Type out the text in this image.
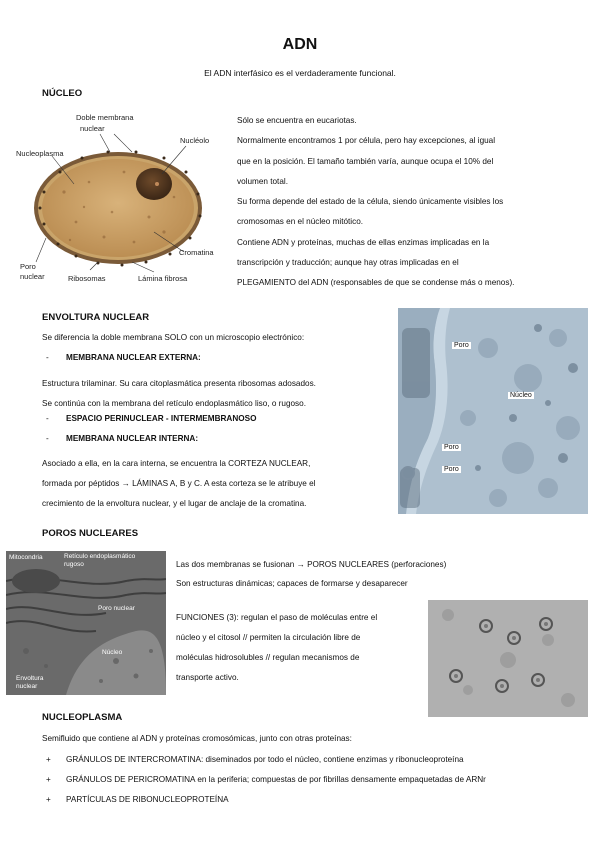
ADN
El ADN interfásico es el verdaderamente funcional.
NÚCLEO
Doble membrana
nuclear
Nucléolo
Nucleoplasma
Cromatina
Poro
nuclear	Ribosomas	Lámina fibrosa
Sólo se encuentra en eucariotas.
Normalmente encontramos 1 por célula, pero hay excepciones, al igual
que en la posición. El tamaño también varía, aunque ocupa el 10% del
volumen total.
Su forma depende del estado de la célula, siendo únicamente visibles los
cromosomas en el núcleo mitótico.
Contiene ADN y proteínas, muchas de ellas enzimas implicadas en la
transcripción y traducción; aunque hay otras implicadas en el
PLEGAMIENTO del ADN (responsables de que se condense más o menos).
ENVOLTURA NUCLEAR
Se diferencia la doble membrana SOLO con un microscopio electrónico:
- MEMBRANA NUCLEAR EXTERNA:
Estructura trilaminar. Su cara citoplasmática presenta ribosomas adosados.
Se continúa con la membrana del retículo endoplasmático liso, o rugoso.
- ESPACIO PERINUCLEAR - INTERMEMBRANOSO
- MEMBRANA NUCLEAR INTERNA:
Asociado a ella, en la cara interna, se encuentra la CORTEZA NUCLEAR,
formada por péptidos → LÁMINAS A, B y C. A esta corteza se le atribuye el
crecimiento de la envoltura nuclear, y el lugar de anclaje de la cromatina.
Poro
Núcleo
Poro
Poro
POROS NUCLEARES
Mitocondria	Retículo endoplasmático
rugoso
Poro nuclear
Núcleo
Envoltura
nuclear
Las dos membranas se fusionan → POROS NUCLEARES (perforaciones)
Son estructuras dinámicas; capaces de formarse y desaparecer
FUNCIONES (3): regulan el paso de moléculas entre el
núcleo y el citosol // permiten la circulación libre de
moléculas hidrosolubles // regulan mecanismos de
transporte activo.
NUCLEOPLASMA
Semifluido que contiene al ADN y proteínas cromosómicas, junto con otras proteínas:
+ GRÁNULOS DE INTERCROMATINA: diseminados por todo el núcleo, contiene enzimas y ribonucleoproteína
+ GRÁNULOS DE PERICROMATINA en la periferia; compuestas de por fibrillas densamente empaquetadas de ARNr
+ PARTÍCULAS DE RIBONUCLEOPROTEÍNA
